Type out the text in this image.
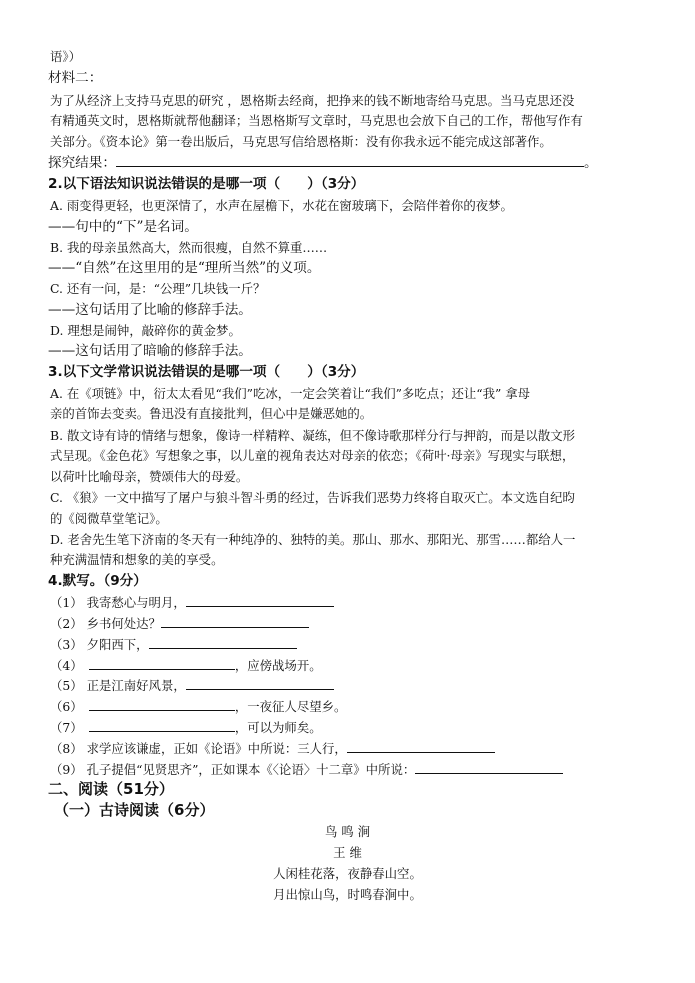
语》）
材料二：
为了从经济上支持马克思的研究 ，恩格斯去经商，把挣来的钱不断地寄给马克思。当马克思还没
有精通英文时，恩格斯就帮他翻译；当恩格斯写文章时，马克思也会放下自己的工作，帮他写作有
关部分。《资本论》第一卷出版后，马克思写信给恩格斯：没有你我永远不能完成这部著作。
探究结果：	。
2.以下语法知识说法错误的是哪一项（　　）（3分）
A. 雨变得更轻，也更深情了，水声在屋檐下，水花在窗玻璃下，会陪伴着你的夜梦。
——句中的“下”是名词。
B. 我的母亲虽然高大，然而很瘦，自然不算重……
——“自然”在这里用的是“理所当然”的义项。
C. 还有一问，是：“公理”几块钱一斤？
——这句话用了比喻的修辞手法。
D. 理想是闹钟，敲碎你的黄金梦。
——这句话用了暗喻的修辞手法。
3.以下文学常识说法错误的是哪一项（　　）（3分）
A. 在《项链》中，衍太太看见“我们”吃冰，一定会笑着让“我们”多吃点；还让“我” 拿母
亲的首饰去变卖。鲁迅没有直接批判，但心中是嫌恶她的。
B. 散文诗有诗的情绪与想象，像诗一样精粹、凝练，但不像诗歌那样分行与押韵，而是以散文形
式呈现。《金色花》写想象之事，以儿童的视角表达对母亲的依恋；《荷叶·母亲》写现实与联想，
以荷叶比喻母亲，赞颂伟大的母爱。
C. 《狼》一文中描写了屠户与狼斗智斗勇的经过，告诉我们恶势力终将自取灭亡。本文选自纪昀
的《阅微草堂笔记》。
D. 老舍先生笔下济南的冬天有一种纯净的、独特的美。那山、那水、那阳光、那雪……都给人一
种充满温情和想象的美的享受。
4.默写。（9分）
（1） 我寄愁心与明月，
（2） 乡书何处达？
（3） 夕阳西下，
（4） 	，应傍战场开。
（5） 正是江南好风景，
（6） 	，一夜征人尽望乡。
（7） 	，可以为师矣。
（8） 求学应该谦虚，正如《论语》中所说：三人行，
（9） 孔子提倡“见贤思齐”，正如课本《〈论语〉十二章》中所说：
二、阅读（51分）
（一）古诗阅读（6分）
鸟 鸣 涧
王 维
人闲桂花落，夜静春山空。
月出惊山鸟，时鸣春涧中。
